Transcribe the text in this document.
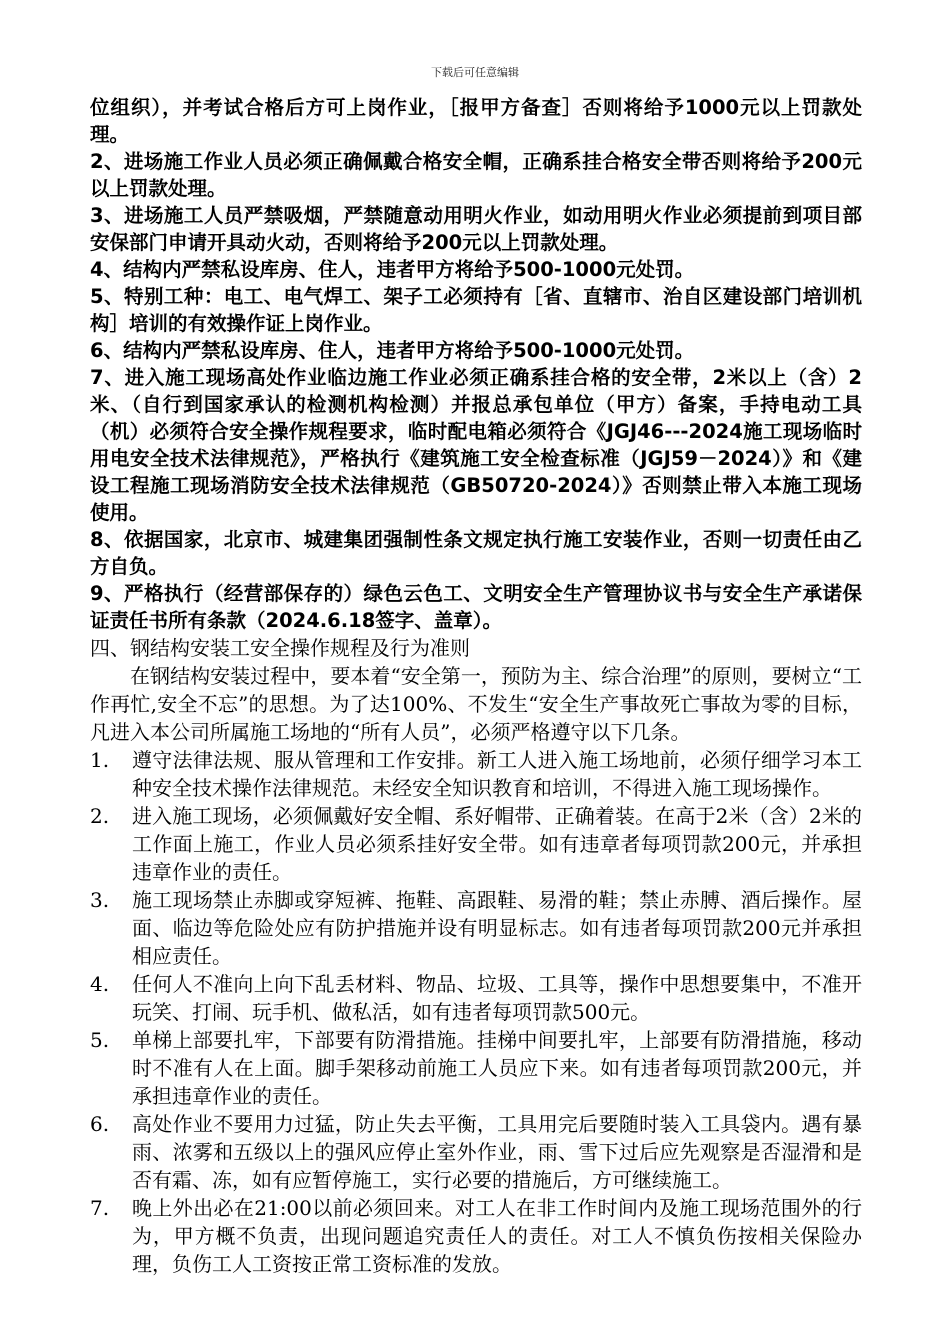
下载后可任意编辑

位组织），并考试合格后方可上岗作业，［报甲方备查］否则将给予1000元以上罚款处理。

2、进场施工作业人员必须正确佩戴合格安全帽，正确系挂合格安全带否则将给予200元以上罚款处理。

3、进场施工人员严禁吸烟，严禁随意动用明火作业，如动用明火作业必须提前到项目部安保部门申请开具动火动，否则将给予200元以上罚款处理。

4、结构内严禁私设库房、住人，违者甲方将给予500-1000元处罚。

5、特别工种：电工、电气焊工、架子工必须持有［省、直辖市、治自区建设部门培训机构］培训的有效操作证上岗作业。

6、结构内严禁私设库房、住人，违者甲方将给予500-1000元处罚。

7、进入施工现场高处作业临边施工作业必须正确系挂合格的安全带，2米以上（含）2米、（自行到国家承认的检测机构检测）并报总承包单位（甲方）备案，手持电动工具（机）必须符合安全操作规程要求，临时配电箱必须符合《JGJ46---2024施工现场临时用电安全技术法律规范》，严格执行《建筑施工安全检查标准（JGJ59－2024）》和《建设工程施工现场消防安全技术法律规范（GB50720-2024）》否则禁止带入本施工现场使用。

8、依据国家，北京市、城建集团强制性条文规定执行施工安装作业，否则一切责任由乙方自负。

9、严格执行（经营部保存的）绿色云色工、文明安全生产管理协议书与安全生产承诺保证责任书所有条款（2024.6.18签字、盖章）。

四、钢结构安装工安全操作规程及行为准则

在钢结构安装过程中，要本着“安全第一，预防为主、综合治理”的原则，要树立“工作再忙,安全不忘”的思想。为了达100%、不发生“安全生产事故死亡事故为零的目标，凡进入本公司所属施工场地的“所有人员”，必须严格遵守以下几条。

1. 遵守法律法规、服从管理和工作安排。新工人进入施工场地前，必须仔细学习本工种安全技术操作法律规范。未经安全知识教育和培训，不得进入施工现场操作。
2. 进入施工现场，必须佩戴好安全帽、系好帽带、正确着装。在高于2米（含）2米的工作面上施工，作业人员必须系挂好安全带。如有违章者每项罚款200元，并承担违章作业的责任。
3. 施工现场禁止赤脚或穿短裤、拖鞋、高跟鞋、易滑的鞋；禁止赤膊、酒后操作。屋面、临边等危险处应有防护措施并设有明显标志。如有违者每项罚款200元并承担相应责任。
4. 任何人不准向上向下乱丢材料、物品、垃圾、工具等，操作中思想要集中，不准开玩笑、打闹、玩手机、做私活，如有违者每项罚款500元。
5. 单梯上部要扎牢，下部要有防滑措施。挂梯中间要扎牢，上部要有防滑措施，移动时不准有人在上面。脚手架移动前施工人员应下来。如有违者每项罚款200元，并承担违章作业的责任。
6. 高处作业不要用力过猛，防止失去平衡，工具用完后要随时装入工具袋内。遇有暴雨、浓雾和五级以上的强风应停止室外作业，雨、雪下过后应先观察是否湿滑和是否有霜、冻，如有应暂停施工，实行必要的措施后，方可继续施工。
7. 晚上外出必在21:00以前必须回来。对工人在非工作时间内及施工现场范围外的行为，甲方概不负责，出现问题追究责任人的责任。对工人不慎负伤按相关保险办理，负伤工人工资按正常工资标准的发放。
